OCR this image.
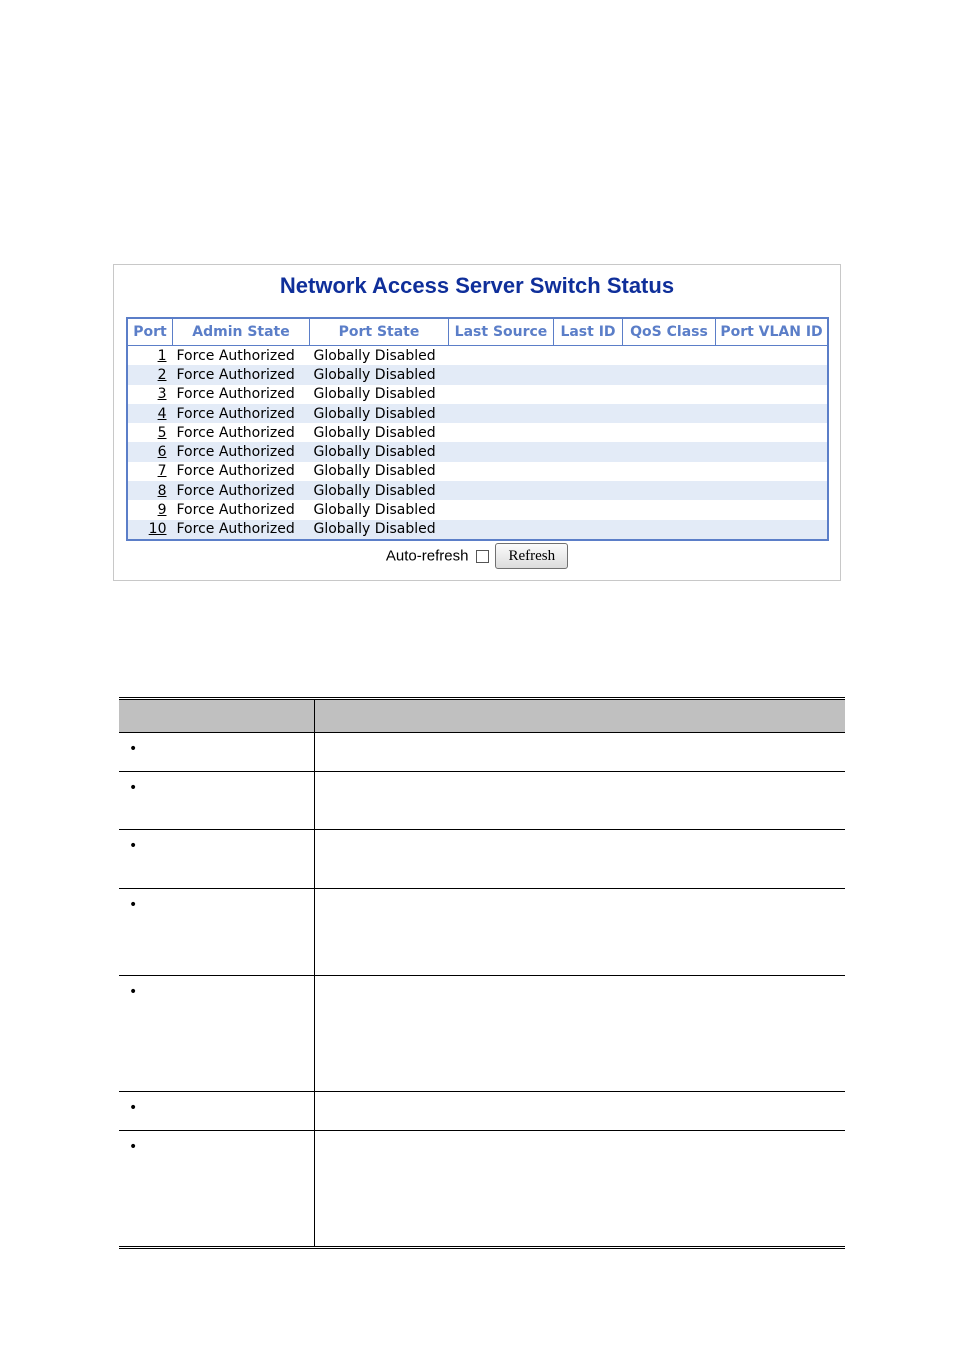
Network Access Server Switch Status
Port	Admin State	Port State	Last Source	Last ID	QoS Class	Port VLAN ID
1	Force Authorized	Globally Disabled				
2	Force Authorized	Globally Disabled				
3	Force Authorized	Globally Disabled				
4	Force Authorized	Globally Disabled				
5	Force Authorized	Globally Disabled				
6	Force Authorized	Globally Disabled				
7	Force Authorized	Globally Disabled				
8	Force Authorized	Globally Disabled				
9	Force Authorized	Globally Disabled				
10	Force Authorized	Globally Disabled				
Auto-refresh	Refresh

•	
•	
•	
•	
•	
•	
•	
